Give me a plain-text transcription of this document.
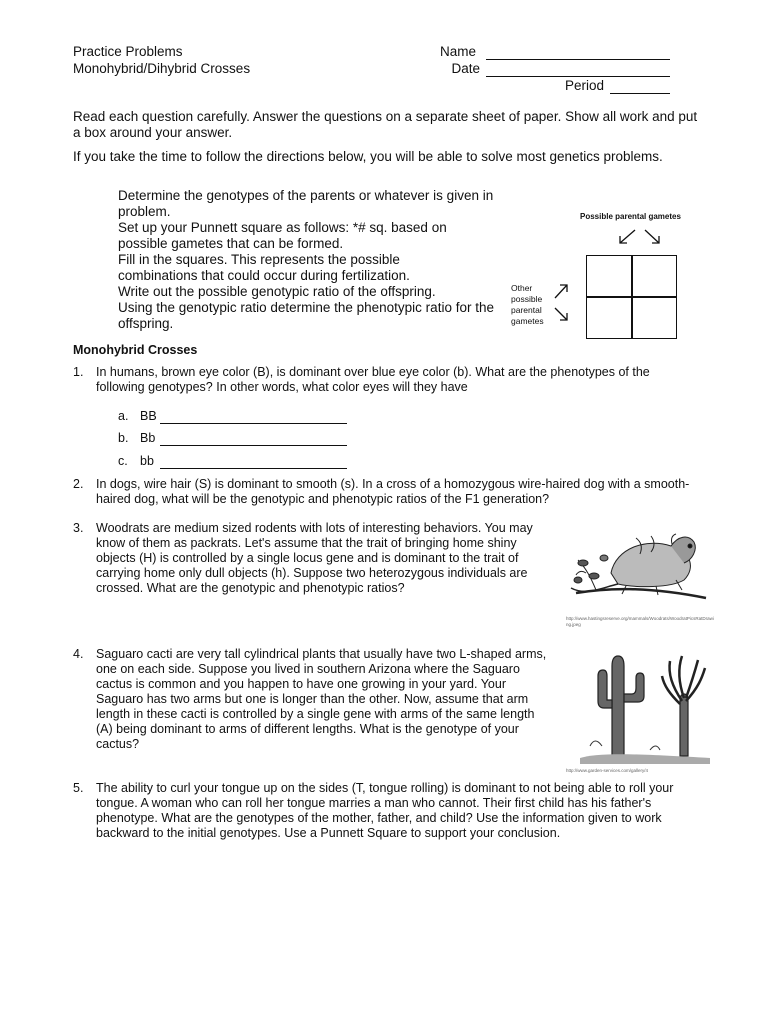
Practice Problems
Monohybrid/Dihybrid Crosses
Name
Date
Period
Read each question carefully. Answer the questions on a separate sheet of paper. Show all work and put a box around your answer.
If you take the time to follow the directions below, you will be able to solve most genetics problems.

Determine the genotypes of the parents or whatever is given in problem.

Set up your Punnett square as follows: *# sq. based on possible gametes that can be formed.

Fill in the squares. This represents the possible combinations that could occur during fertilization.

Write out the possible genotypic ratio of the offspring.

Using the genotypic ratio determine the phenotypic ratio for the offspring.

Possible parental gametes
Other possible parental gametes
Monohybrid Crosses
1.	In humans, brown eye color (B), is dominant over blue eye color (b). What are the phenotypes of the following genotypes? In other words, what color eyes will they have
a. BB
b. Bb
c. bb
2.	In dogs, wire hair (S) is dominant to smooth (s). In a cross of a homozygous wire-haired dog with a smooth-haired dog, what will be the genotypic and phenotypic ratios of the F1 generation?
3.	Woodrats are medium sized rodents with lots of interesting behaviors. You may know of them as packrats. Let's assume that the trait of bringing home shiny objects (H) is controlled by a single locus gene and is dominant to the trait of carrying home only dull objects (h). Suppose two heterozygous individuals are crossed. What are the genotypic and phenotypic ratios?
http://www.hastingsreserve.org/mammals/Woodrats/WoodratPicsRatDrawing.jpeg
4.	Saguaro cacti are very tall cylindrical plants that usually have two L-shaped arms, one on each side. Suppose you lived in southern Arizona where the Saguaro cactus is common and you happen to have one growing in your yard. Your Saguaro has two arms but one is longer than the other. Now, assume that arm length in these cacti is controlled by a single gene with arms of the same length (A) being dominant to arms of different lengths. What is the genotype of your cactus?
http://www.garden-services.com/gallery/4
5.	The ability to curl your tongue up on the sides (T, tongue rolling) is dominant to not being able to roll your tongue. A woman who can roll her tongue marries a man who cannot. Their first child has his father's phenotype. What are the genotypes of the mother, father, and child? Use the information given to work backward to the initial genotypes. Use a Punnett Square to support your conclusion.
